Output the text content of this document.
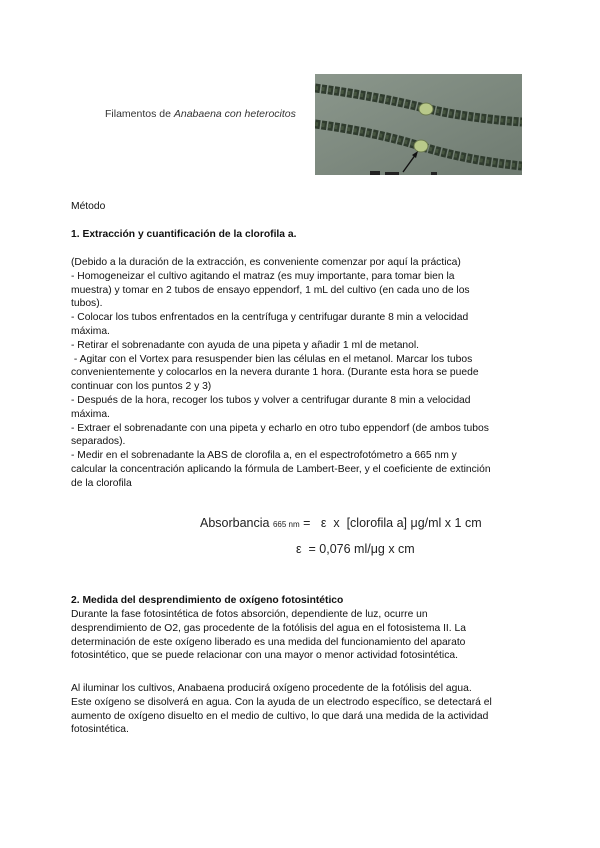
Filamentos de Anabaena con heterocitos
Método
1. Extracción y cuantificación de la clorofila a.

(Debido a la duración de la extracción, es conveniente comenzar por aquí la práctica)

- Homogeneizar el cultivo agitando el matraz (es muy importante, para tomar bien la

muestra) y tomar en 2 tubos de ensayo eppendorf, 1 mL del cultivo (en cada uno de los

tubos).

- Colocar los tubos enfrentados en la centrífuga y centrifugar durante 8 min a velocidad

máxima.

- Retirar el sobrenadante con ayuda de una pipeta y añadir 1 ml de metanol.

- Agitar con el Vortex para resuspender bien las células en el metanol. Marcar los tubos

convenientemente y colocarlos en la nevera durante 1 hora. (Durante esta hora se puede

continuar con los puntos 2 y 3)

- Después de la hora, recoger los tubos y volver a centrifugar durante 8 min a velocidad

máxima.

- Extraer el sobrenadante con una pipeta y echarlo en otro tubo eppendorf (de ambos tubos

separados).

- Medir en el sobrenadante la ABS de clorofila a, en el espectrofotómetro a 665 nm y

calcular la concentración aplicando la fórmula de Lambert-Beer, y el coeficiente de extinción

de la clorofila

Absorbancia 665 nm =   ε  x  [clorofila a] μg/ml x 1 cm
ε  = 0,076 ml/μg x cm
2. Medida del desprendimiento de oxígeno fotosintético

Durante la fase fotosintética de fotos absorción, dependiente de luz, ocurre un

desprendimiento de O2, gas procedente de la fotólisis del agua en el fotosistema II. La

determinación de este oxígeno liberado es una medida del funcionamiento del aparato

fotosintético, que se puede relacionar con una mayor o menor actividad fotosintética.

Al iluminar los cultivos, Anabaena producirá oxígeno procedente de la fotólisis del agua.

Este oxígeno se disolverá en agua. Con la ayuda de un electrodo específico, se detectará el

aumento de oxígeno disuelto en el medio de cultivo, lo que dará una medida de la actividad

fotosintética.
